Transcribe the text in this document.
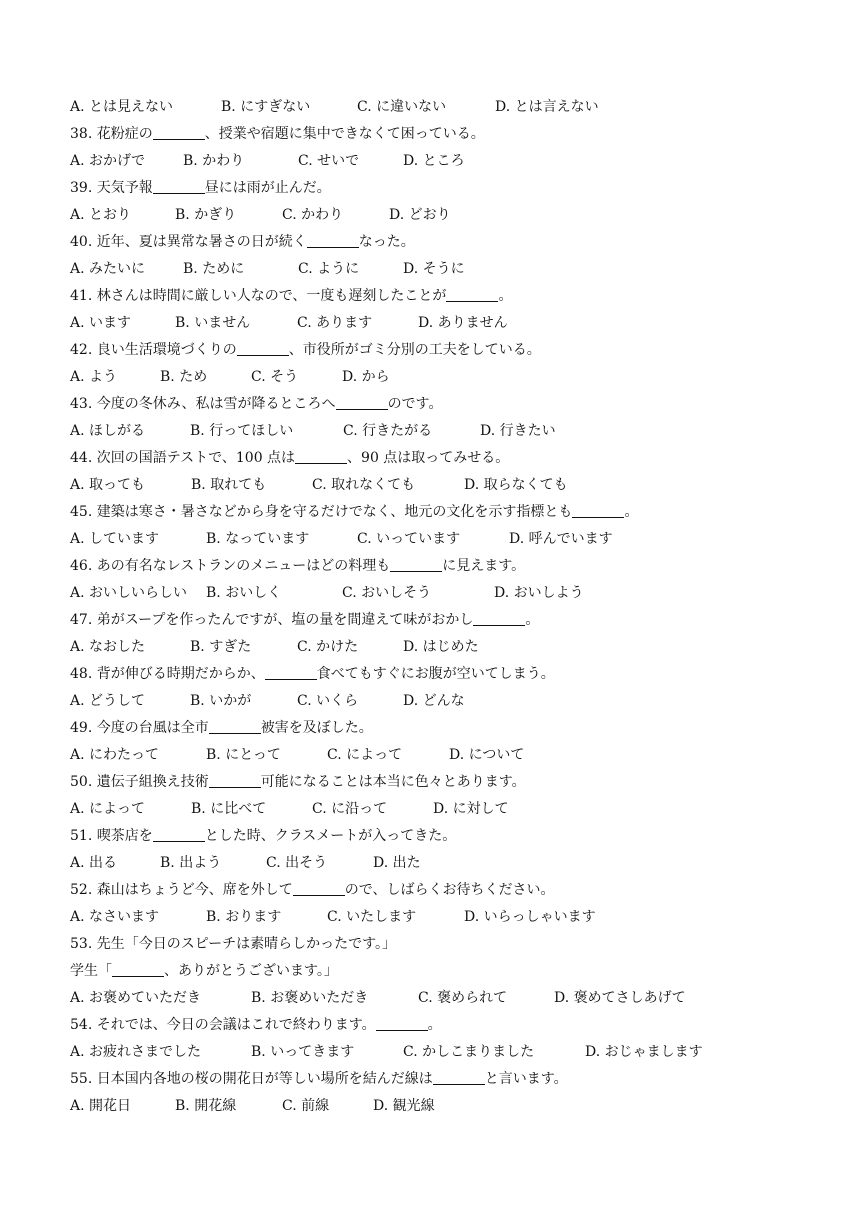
A. とは見えない	B. にすぎない	C. に違いない	D. とは言えない
38. 花粉症の	、授業や宿題に集中できなくて困っている。
A. おかげで	B. かわり	C. せいで	D. ところ
39. 天気予報	昼には雨が止んだ。
A. とおり	B. かぎり	C. かわり	D. どおり
40. 近年、夏は異常な暑さの日が続く	なった。
A. みたいに	B. ために	C. ように	D. そうに
41. 林さんは時間に厳しい人なので、一度も遅刻したことが	。
A. います	B. いません	C. あります	D. ありません
42. 良い生活環境づくりの	、市役所がゴミ分別の工夫をしている。
A. よう	B. ため	C. そう	D. から
43. 今度の冬休み、私は雪が降るところへ	のです。
A. ほしがる	B. 行ってほしい	C. 行きたがる	D. 行きたい
44. 次回の国語テストで、100 点は	、90 点は取ってみせる。
A. 取っても	B. 取れても	C. 取れなくても	D. 取らなくても
45. 建築は寒さ・暑さなどから身を守るだけでなく、地元の文化を示す指標とも	。
A. しています	B. なっています	C. いっています	D. 呼んでいます
46. あの有名なレストランのメニューはどの料理も	に見えます。
A. おいしいらしい B. おいしく	C. おいしそう	D. おいしよう
47. 弟がスープを作ったんですが、塩の量を間違えて味がおかし	。
A. なおした	B. すぎた	C. かけた	D. はじめた
48. 背が伸びる時期だからか、	食べてもすぐにお腹が空いてしまう。
A. どうして	B. いかが	C. いくら	D. どんな
49. 今度の台風は全市	被害を及ぼした。
A. にわたって	B. にとって	C. によって	D. について
50. 遺伝子組換え技術	可能になることは本当に色々とあります。
A. によって	B. に比べて	C. に沿って	D. に対して
51. 喫茶店を	とした時、クラスメートが入ってきた。
A. 出る	B. 出よう	C. 出そう	D. 出た
52. 森山はちょうど今、席を外して	ので、しばらくお待ちください。
A. なさいます	B. おります	C. いたします	D. いらっしゃいます
53. 先生「今日のスピーチは素晴らしかったです。」
学生「	、ありがとうございます。」
A. お褒めていただき	B. お褒めいただき	C. 褒められて	D. 褒めてさしあげて
54. それでは、今日の会議はこれで終わります。	。
A. お疲れさまでした	B. いってきます	C. かしこまりました	D. おじゃまします
55. 日本国内各地の桜の開花日が等しい場所を結んだ線は	と言います。
A. 開花日	B. 開花線	C. 前線	D. 観光線
